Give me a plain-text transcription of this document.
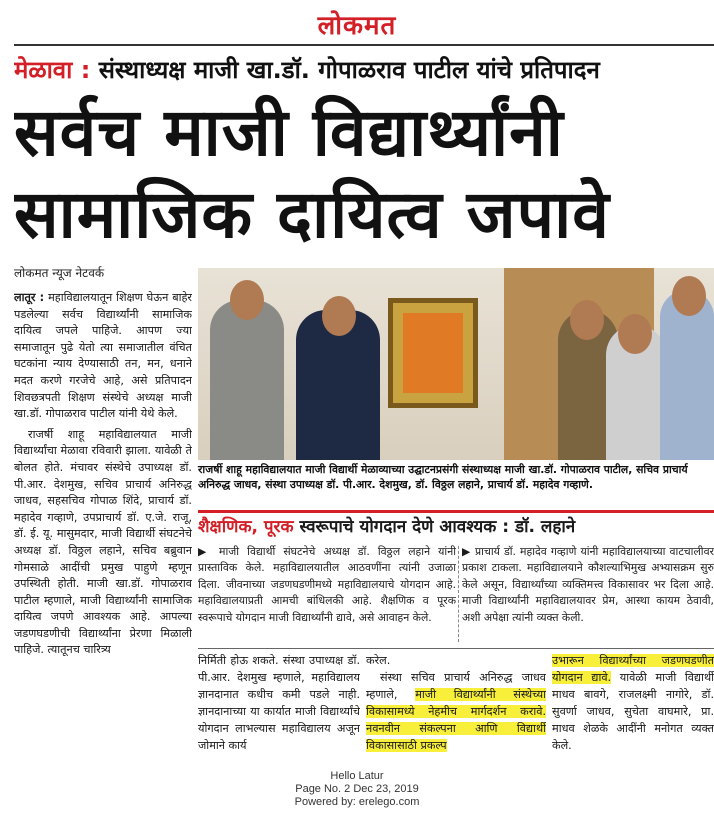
लोकमत
मेळावा : संस्थाध्यक्ष माजी खा.डॉ. गोपाळराव पाटील यांचे प्रतिपादन
सर्वच माजी विद्यार्थ्यांनी
सामाजिक दायित्व जपावे
लोकमत न्यूज नेटवर्क

लातूर : महाविद्यालयातून शिक्षण घेऊन बाहेर पडलेल्या सर्वच विद्यार्थ्यांनी सामाजिक दायित्व जपले पाहिजे. आपण ज्या समाजातून पुढे येतो त्या समाजातील वंचित घटकांना न्याय देण्यासाठी तन, मन, धनाने मदत करणे गरजेचे आहे, असे प्रतिपादन शिवछत्रपती शिक्षण संस्थेचे अध्यक्ष माजी खा.डॉ. गोपाळराव पाटील यांनी येथे केले.

राजर्षी शाहू महाविद्यालयात माजी विद्यार्थ्यांचा मेळावा रविवारी झाला. यावेळी ते बोलत होते. मंचावर संस्थेचे उपाध्यक्ष डॉ. पी.आर. देशमुख, सचिव प्राचार्य अनिरुद्ध जाधव, सहसचिव गोपाळ शिंदे, प्राचार्य डॉ. महादेव गव्हाणे, उपप्राचार्य डॉ. ए.जे. राजू, डॉ. ई. यू. मासुमदार, माजी विद्यार्थी संघटनेचे अध्यक्ष डॉ. विठ्ठल लहाने, सचिव बब्रुवान गोमसाळे आदींची प्रमुख पाहुणे म्हणून उपस्थिती होती. माजी खा.डॉ. गोपाळराव पाटील म्हणाले, माजी विद्यार्थ्यांनी सामाजिक दायित्व जपणे आवश्यक आहे. आपल्या जडणघडणीची विद्यार्थ्यांना प्रेरणा मिळाली पाहिजे. त्यातूनच चारित्र्य

राजर्षी शाहू महाविद्यालयात माजी विद्यार्थी मेळाव्याच्या उद्घाटनप्रसंगी संस्थाध्यक्ष माजी खा.डॉ. गोपाळराव पाटील, सचिव प्राचार्य अनिरुद्ध जाधव, संस्था उपाध्यक्ष डॉ. पी.आर. देशमुख, डॉ. विठ्ठल लहाने, प्राचार्य डॉ. महादेव गव्हाणे.
शैक्षणिक, पूरक स्वरूपाचे योगदान देणे आवश्यक : डॉ. लहाने
▶ माजी विद्यार्थी संघटनेचे अध्यक्ष डॉ. विठ्ठल लहाने यांनी प्रास्ताविक केले. महाविद्यालयातील आठवणींना त्यांनी उजाळा दिला. जीवनाच्या जडणघडणीमध्ये महाविद्यालयाचे योगदान आहे. महाविद्यालयाप्रती आमची बांधिलकी आहे. शैक्षणिक व पूरक स्वरूपाचे योगदान माजी विद्यार्थ्यांनी द्यावे, असे आवाहन केले.
▶ प्राचार्य डॉ. महादेव गव्हाणे यांनी महाविद्यालयाच्या वाटचालीवर प्रकाश टाकला. महाविद्यालयाने कौशल्याभिमुख अभ्यासक्रम सुरु केले असून, विद्यार्थ्यांच्या व्यक्तिमत्त्व विकासावर भर दिला आहे. माजी विद्यार्थ्यांनी महाविद्यालयावर प्रेम, आस्था कायम ठेवावी, अशी अपेक्षा त्यांनी व्यक्त केली.
निर्मिती होऊ शकते. संस्था उपाध्यक्ष डॉ. पी.आर. देशमुख म्हणाले, महाविद्यालय ज्ञानदानात कधीच कमी पडले नाही. ज्ञानदानाच्या या कार्यात माजी विद्यार्थ्यांचे योगदान लाभल्यास महाविद्यालय अजून जोमाने कार्य
करेल.
संस्था सचिव प्राचार्य अनिरुद्ध जाधव म्हणाले, माजी विद्यार्थ्यांनी संस्थेच्या विकासामध्ये नेहमीच मार्गदर्शन करावे. नवनवीन संकल्पना आणि विद्यार्थी विकासासाठी प्रकल्प
उभारून विद्यार्थ्यांच्या जडणघडणीत योगदान द्यावे. यावेळी माजी विद्यार्थी माधव बावगे, राजलक्ष्मी नागोरे, डॉ. सुवर्णा जाधव, सुचेता वाघमारे, प्रा. माधव शेळके आदींनी मनोगत व्यक्त केले.
Hello Latur
Page No. 2 Dec 23, 2019
Powered by: erelego.com
